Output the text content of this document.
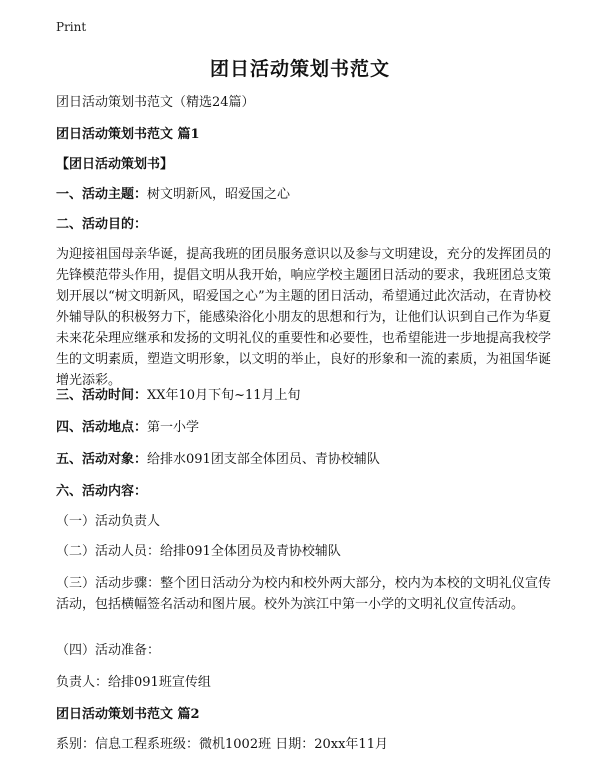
Print
团日活动策划书范文
团日活动策划书范文（精选24篇）
团日活动策划书范文 篇1
【团日活动策划书】
一、活动主题：树文明新风，昭爱国之心
二、活动目的：
为迎接祖国母亲华诞，提高我班的团员服务意识以及参与文明建设，充分的发挥团员的先锋模范带头作用，提倡文明从我开始，响应学校主题团日活动的要求，我班团总支策划开展以“树文明新风，昭爱国之心”为主题的团日活动，希望通过此次活动，在青协校外辅导队的积极努力下，能感染浴化小朋友的思想和行为，让他们认识到自己作为华夏未来花朵理应继承和发扬的文明礼仪的重要性和必要性，也希望能进一步地提高我校学生的文明素质，塑造文明形象，以文明的举止，良好的形象和一流的素质，为祖国华诞增光添彩。
三、活动时间：XX年10月下旬~11月上旬
四、活动地点：第一小学
五、活动对象：给排水091团支部全体团员、青协校辅队
六、活动内容：
（一）活动负责人
（二）活动人员：给排091全体团员及青协校辅队
（三）活动步骤：整个团日活动分为校内和校外两大部分，校内为本校的文明礼仪宣传活动，包括横幅签名活动和图片展。校外为滨江中第一小学的文明礼仪宣传活动。
（四）活动准备：
负责人：给排091班宣传组
团日活动策划书范文 篇2
系别：信息工程系班级：微机1002班 日期：20xx年11月
